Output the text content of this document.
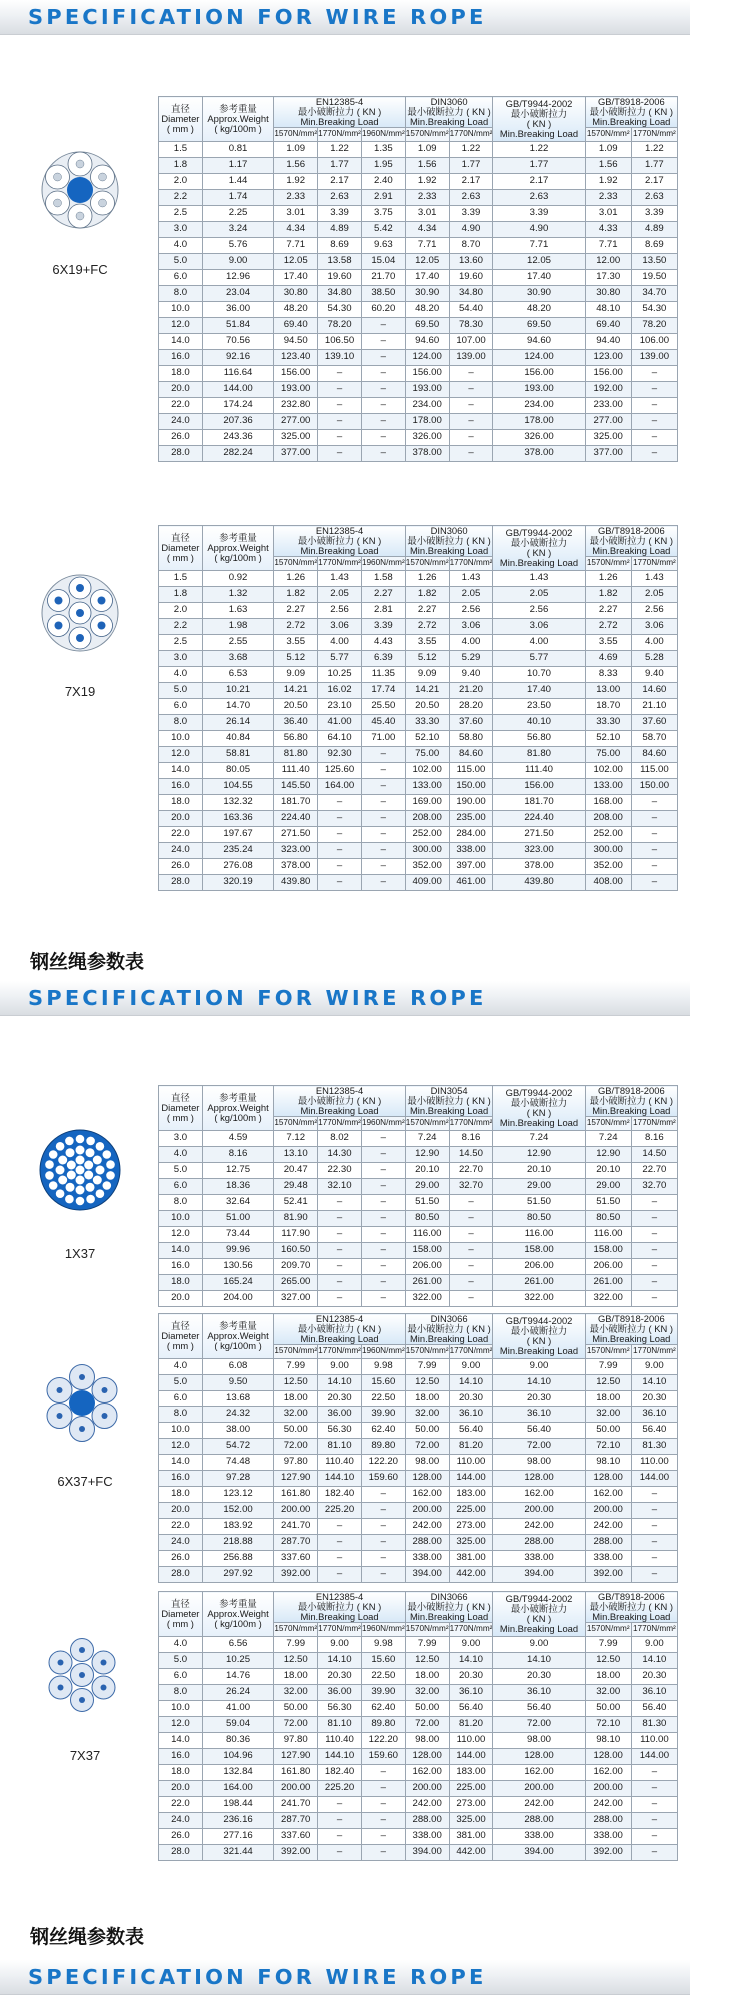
SPECIFICATION FOR WIRE ROPE
SPECIFICATION FOR WIRE ROPE
SPECIFICATION FOR WIRE ROPE
钢丝绳参数表
钢丝绳参数表
6X19+FC
7X19
1X37
6X37+FC
7X37
直径
Diameter
( mm )	参考重量
Approx.Weight
( kg/100m )	EN12385-4
最小破断拉力 ( KN )
Min.Breaking Load			DIN3060
最小破断拉力 ( KN )
Min.Breaking Load		GB/T9944-2002
最小破断拉力
( KN )
Min.Breaking Load	GB/T8918-2006
最小破断拉力 ( KN )
Min.Breaking Load	
		1570N/mm²	1770N/mm²	1960N/mm²	1570N/mm²	1770N/mm²		1570N/mm²	1770N/mm²
1.5	0.81	1.09	1.22	1.35	1.09	1.22	1.22	1.09	1.22
1.8	1.17	1.56	1.77	1.95	1.56	1.77	1.77	1.56	1.77
2.0	1.44	1.92	2.17	2.40	1.92	2.17	2.17	1.92	2.17
2.2	1.74	2.33	2.63	2.91	2.33	2.63	2.63	2.33	2.63
2.5	2.25	3.01	3.39	3.75	3.01	3.39	3.39	3.01	3.39
3.0	3.24	4.34	4.89	5.42	4.34	4.90	4.90	4.33	4.89
4.0	5.76	7.71	8.69	9.63	7.71	8.70	7.71	7.71	8.69
5.0	9.00	12.05	13.58	15.04	12.05	13.60	12.05	12.00	13.50
6.0	12.96	17.40	19.60	21.70	17.40	19.60	17.40	17.30	19.50
8.0	23.04	30.80	34.80	38.50	30.90	34.80	30.90	30.80	34.70
10.0	36.00	48.20	54.30	60.20	48.20	54.40	48.20	48.10	54.30
12.0	51.84	69.40	78.20	–	69.50	78.30	69.50	69.40	78.20
14.0	70.56	94.50	106.50	–	94.60	107.00	94.60	94.40	106.00
16.0	92.16	123.40	139.10	–	124.00	139.00	124.00	123.00	139.00
18.0	116.64	156.00	–	–	156.00	–	156.00	156.00	–
20.0	144.00	193.00	–	–	193.00	–	193.00	192.00	–
22.0	174.24	232.80	–	–	234.00	–	234.00	233.00	–
24.0	207.36	277.00	–	–	178.00	–	178.00	277.00	–
26.0	243.36	325.00	–	–	326.00	–	326.00	325.00	–
28.0	282.24	377.00	–	–	378.00	–	378.00	377.00	–
直径
Diameter
( mm )	参考重量
Approx.Weight
( kg/100m )	EN12385-4
最小破断拉力 ( KN )
Min.Breaking Load			DIN3060
最小破断拉力 ( KN )
Min.Breaking Load		GB/T9944-2002
最小破断拉力
( KN )
Min.Breaking Load	GB/T8918-2006
最小破断拉力 ( KN )
Min.Breaking Load	
		1570N/mm²	1770N/mm²	1960N/mm²	1570N/mm²	1770N/mm²		1570N/mm²	1770N/mm²
1.5	0.92	1.26	1.43	1.58	1.26	1.43	1.43	1.26	1.43
1.8	1.32	1.82	2.05	2.27	1.82	2.05	2.05	1.82	2.05
2.0	1.63	2.27	2.56	2.81	2.27	2.56	2.56	2.27	2.56
2.2	1.98	2.72	3.06	3.39	2.72	3.06	3.06	2.72	3.06
2.5	2.55	3.55	4.00	4.43	3.55	4.00	4.00	3.55	4.00
3.0	3.68	5.12	5.77	6.39	5.12	5.29	5.77	4.69	5.28
4.0	6.53	9.09	10.25	11.35	9.09	9.40	10.70	8.33	9.40
5.0	10.21	14.21	16.02	17.74	14.21	21.20	17.40	13.00	14.60
6.0	14.70	20.50	23.10	25.50	20.50	28.20	23.50	18.70	21.10
8.0	26.14	36.40	41.00	45.40	33.30	37.60	40.10	33.30	37.60
10.0	40.84	56.80	64.10	71.00	52.10	58.80	56.80	52.10	58.70
12.0	58.81	81.80	92.30	–	75.00	84.60	81.80	75.00	84.60
14.0	80.05	111.40	125.60	–	102.00	115.00	111.40	102.00	115.00
16.0	104.55	145.50	164.00	–	133.00	150.00	156.00	133.00	150.00
18.0	132.32	181.70	–	–	169.00	190.00	181.70	168.00	–
20.0	163.36	224.40	–	–	208.00	235.00	224.40	208.00	–
22.0	197.67	271.50	–	–	252.00	284.00	271.50	252.00	–
24.0	235.24	323.00	–	–	300.00	338.00	323.00	300.00	–
26.0	276.08	378.00	–	–	352.00	397.00	378.00	352.00	–
28.0	320.19	439.80	–	–	409.00	461.00	439.80	408.00	–
直径
Diameter
( mm )	参考重量
Approx.Weight
( kg/100m )	EN12385-4
最小破断拉力 ( KN )
Min.Breaking Load			DIN3054
最小破断拉力 ( KN )
Min.Breaking Load		GB/T9944-2002
最小破断拉力
( KN )
Min.Breaking Load	GB/T8918-2006
最小破断拉力 ( KN )
Min.Breaking Load	
		1570N/mm²	1770N/mm²	1960N/mm²	1570N/mm²	1770N/mm²		1570N/mm²	1770N/mm²
3.0	4.59	7.12	8.02	–	7.24	8.16	7.24	7.24	8.16
4.0	8.16	13.10	14.30	–	12.90	14.50	12.90	12.90	14.50
5.0	12.75	20.47	22.30	–	20.10	22.70	20.10	20.10	22.70
6.0	18.36	29.48	32.10	–	29.00	32.70	29.00	29.00	32.70
8.0	32.64	52.41	–	–	51.50	–	51.50	51.50	–
10.0	51.00	81.90	–	–	80.50	–	80.50	80.50	–
12.0	73.44	117.90	–	–	116.00	–	116.00	116.00	–
14.0	99.96	160.50	–	–	158.00	–	158.00	158.00	–
16.0	130.56	209.70	–	–	206.00	–	206.00	206.00	–
18.0	165.24	265.00	–	–	261.00	–	261.00	261.00	–
20.0	204.00	327.00	–	–	322.00	–	322.00	322.00	–
直径
Diameter
( mm )	参考重量
Approx.Weight
( kg/100m )	EN12385-4
最小破断拉力 ( KN )
Min.Breaking Load			DIN3066
最小破断拉力 ( KN )
Min.Breaking Load		GB/T9944-2002
最小破断拉力
( KN )
Min.Breaking Load	GB/T8918-2006
最小破断拉力 ( KN )
Min.Breaking Load	
		1570N/mm²	1770N/mm²	1960N/mm²	1570N/mm²	1770N/mm²		1570N/mm²	1770N/mm²
4.0	6.08	7.99	9.00	9.98	7.99	9.00	9.00	7.99	9.00
5.0	9.50	12.50	14.10	15.60	12.50	14.10	14.10	12.50	14.10
6.0	13.68	18.00	20.30	22.50	18.00	20.30	20.30	18.00	20.30
8.0	24.32	32.00	36.00	39.90	32.00	36.10	36.10	32.00	36.10
10.0	38.00	50.00	56.30	62.40	50.00	56.40	56.40	50.00	56.40
12.0	54.72	72.00	81.10	89.80	72.00	81.20	72.00	72.10	81.30
14.0	74.48	97.80	110.40	122.20	98.00	110.00	98.00	98.10	110.00
16.0	97.28	127.90	144.10	159.60	128.00	144.00	128.00	128.00	144.00
18.0	123.12	161.80	182.40	–	162.00	183.00	162.00	162.00	–
20.0	152.00	200.00	225.20	–	200.00	225.00	200.00	200.00	–
22.0	183.92	241.70	–	–	242.00	273.00	242.00	242.00	–
24.0	218.88	287.70	–	–	288.00	325.00	288.00	288.00	–
26.0	256.88	337.60	–	–	338.00	381.00	338.00	338.00	–
28.0	297.92	392.00	–	–	394.00	442.00	394.00	392.00	–
直径
Diameter
( mm )	参考重量
Approx.Weight
( kg/100m )	EN12385-4
最小破断拉力 ( KN )
Min.Breaking Load			DIN3066
最小破断拉力 ( KN )
Min.Breaking Load		GB/T9944-2002
最小破断拉力
( KN )
Min.Breaking Load	GB/T8918-2006
最小破断拉力 ( KN )
Min.Breaking Load	
		1570N/mm²	1770N/mm²	1960N/mm²	1570N/mm²	1770N/mm²		1570N/mm²	1770N/mm²
4.0	6.56	7.99	9.00	9.98	7.99	9.00	9.00	7.99	9.00
5.0	10.25	12.50	14.10	15.60	12.50	14.10	14.10	12.50	14.10
6.0	14.76	18.00	20.30	22.50	18.00	20.30	20.30	18.00	20.30
8.0	26.24	32.00	36.00	39.90	32.00	36.10	36.10	32.00	36.10
10.0	41.00	50.00	56.30	62.40	50.00	56.40	56.40	50.00	56.40
12.0	59.04	72.00	81.10	89.80	72.00	81.20	72.00	72.10	81.30
14.0	80.36	97.80	110.40	122.20	98.00	110.00	98.00	98.10	110.00
16.0	104.96	127.90	144.10	159.60	128.00	144.00	128.00	128.00	144.00
18.0	132.84	161.80	182.40	–	162.00	183.00	162.00	162.00	–
20.0	164.00	200.00	225.20	–	200.00	225.00	200.00	200.00	–
22.0	198.44	241.70	–	–	242.00	273.00	242.00	242.00	–
24.0	236.16	287.70	–	–	288.00	325.00	288.00	288.00	–
26.0	277.16	337.60	–	–	338.00	381.00	338.00	338.00	–
28.0	321.44	392.00	–	–	394.00	442.00	394.00	392.00	–
